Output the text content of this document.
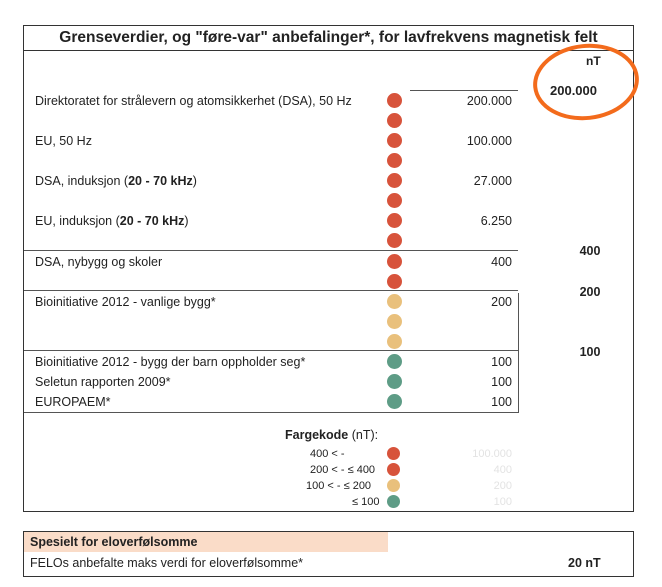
Grenseverdier, og "føre-var" anbefalinger*, for lavfrekvens magnetisk felt
nT
200.000
Direktoratet for strålevern og atomsikkerhet (DSA), 50 Hz	200.000
EU, 50 Hz	100.000
DSA, induksjon (20 - 70 kHz)	27.000
EU, induksjon (20 - 70 kHz)	6.250
DSA, nybygg og skoler	400
Bioinitiative 2012 - vanlige bygg*	200
Bioinitiative 2012 - bygg der barn oppholder seg*	100
Seletun rapporten 2009*	100
EUROPAEM*	100
400
200
100
Fargekode (nT):
400 < -	100.000
200 < - ≤ 400	400
100 < - ≤ 200	200
≤ 100	100
Spesielt for eloverfølsomme
FELOs anbefalte maks verdi for eloverfølsomme*	20 nT
